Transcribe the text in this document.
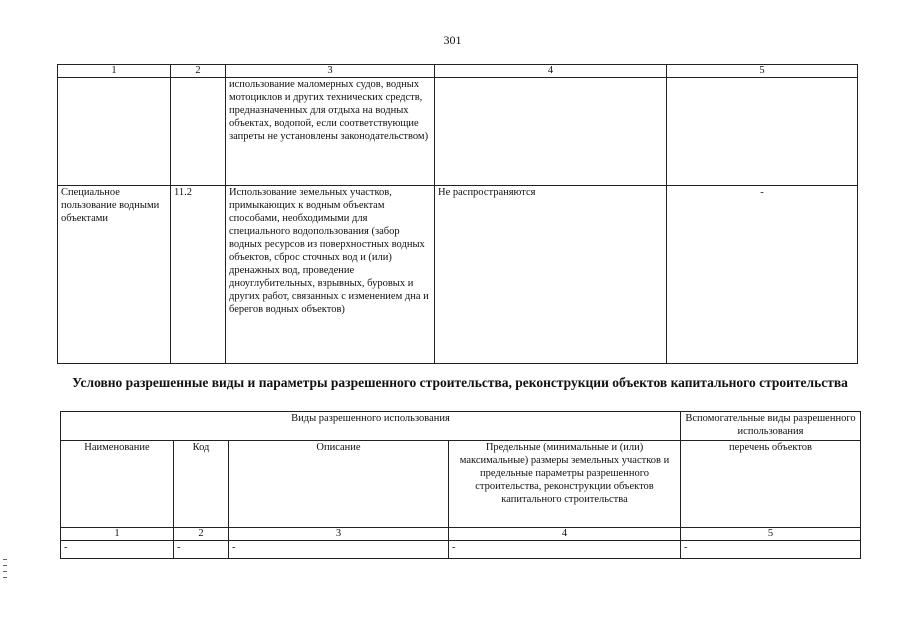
301
1	2	3	4	5
		использование маломерных судов, водных мотоциклов и других технических средств, предназначенных для отдыха на водных объектах, водопой, если соответствующие запреты не установлены законодательством)		
Специальное пользование водными объектами	11.2	Использование земельных участков, примыкающих к водным объектам способами, необходимыми для специального водопользования (забор водных ресурсов из поверхностных водных объектов, сброс сточных вод и (или) дренажных вод, проведение дноуглубительных, взрывных, буровых и других работ, связанных с изменением дна и берегов водных объектов)	Не распространяются	-
Условно разрешенные виды и параметры разрешенного строительства, реконструкции объектов капитального строительства
Виды разрешенного использования				Вспомогательные виды разрешенного использования
Наименование	Код	Описание	Предельные (минимальные и (или) максимальные) размеры земельных участков и предельные параметры разрешенного строительства, реконструкции объектов капитального строительства	перечень объектов
1	2	3	4	5
-	-	-	-	-
